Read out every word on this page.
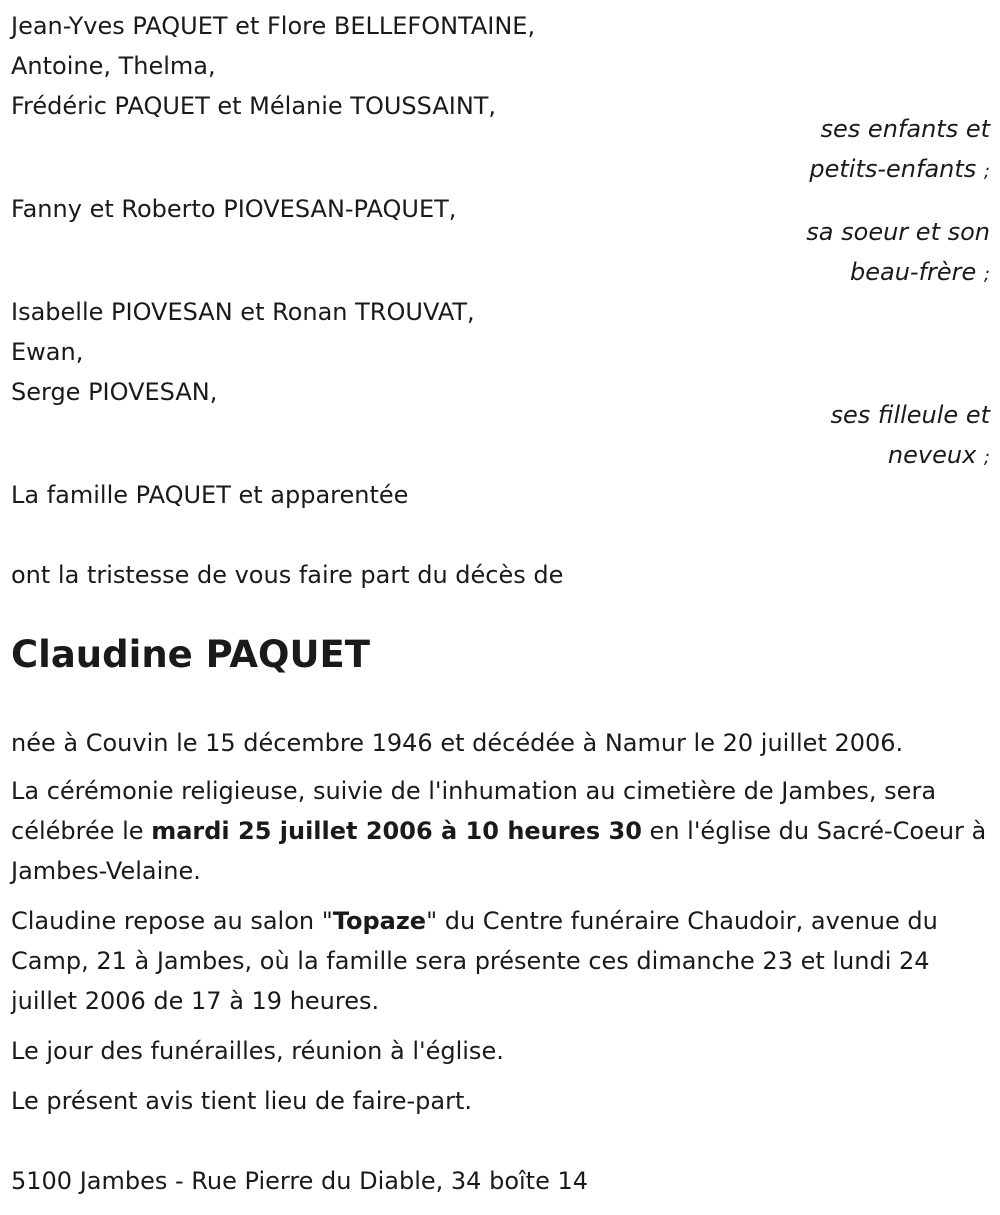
Jean-Yves PAQUET et Flore BELLEFONTAINE,
Antoine, Thelma,
Frédéric PAQUET et Mélanie TOUSSAINT,
ses enfants et
petits-enfants ;
Fanny et Roberto PIOVESAN-PAQUET,
sa soeur et son
beau-frère ;
Isabelle PIOVESAN et Ronan TROUVAT,
Ewan,
Serge PIOVESAN,
ses filleule et
neveux ;
La famille PAQUET et apparentée
ont la tristesse de vous faire part du décès de
Claudine PAQUET
née à Couvin le 15 décembre 1946 et décédée à Namur le 20 juillet 2006.
La cérémonie religieuse, suivie de l'inhumation au cimetière de Jambes, sera célébrée le mardi 25 juillet 2006 à 10 heures 30 en l'église du Sacré-Coeur à Jambes-Velaine.
Claudine repose au salon "Topaze" du Centre funéraire Chaudoir, avenue du Camp, 21 à Jambes, où la famille sera présente ces dimanche 23 et lundi 24 juillet 2006 de 17 à 19 heures.
Le jour des funérailles, réunion à l'église.
Le présent avis tient lieu de faire-part.
5100 Jambes - Rue Pierre du Diable, 34 boîte 14
